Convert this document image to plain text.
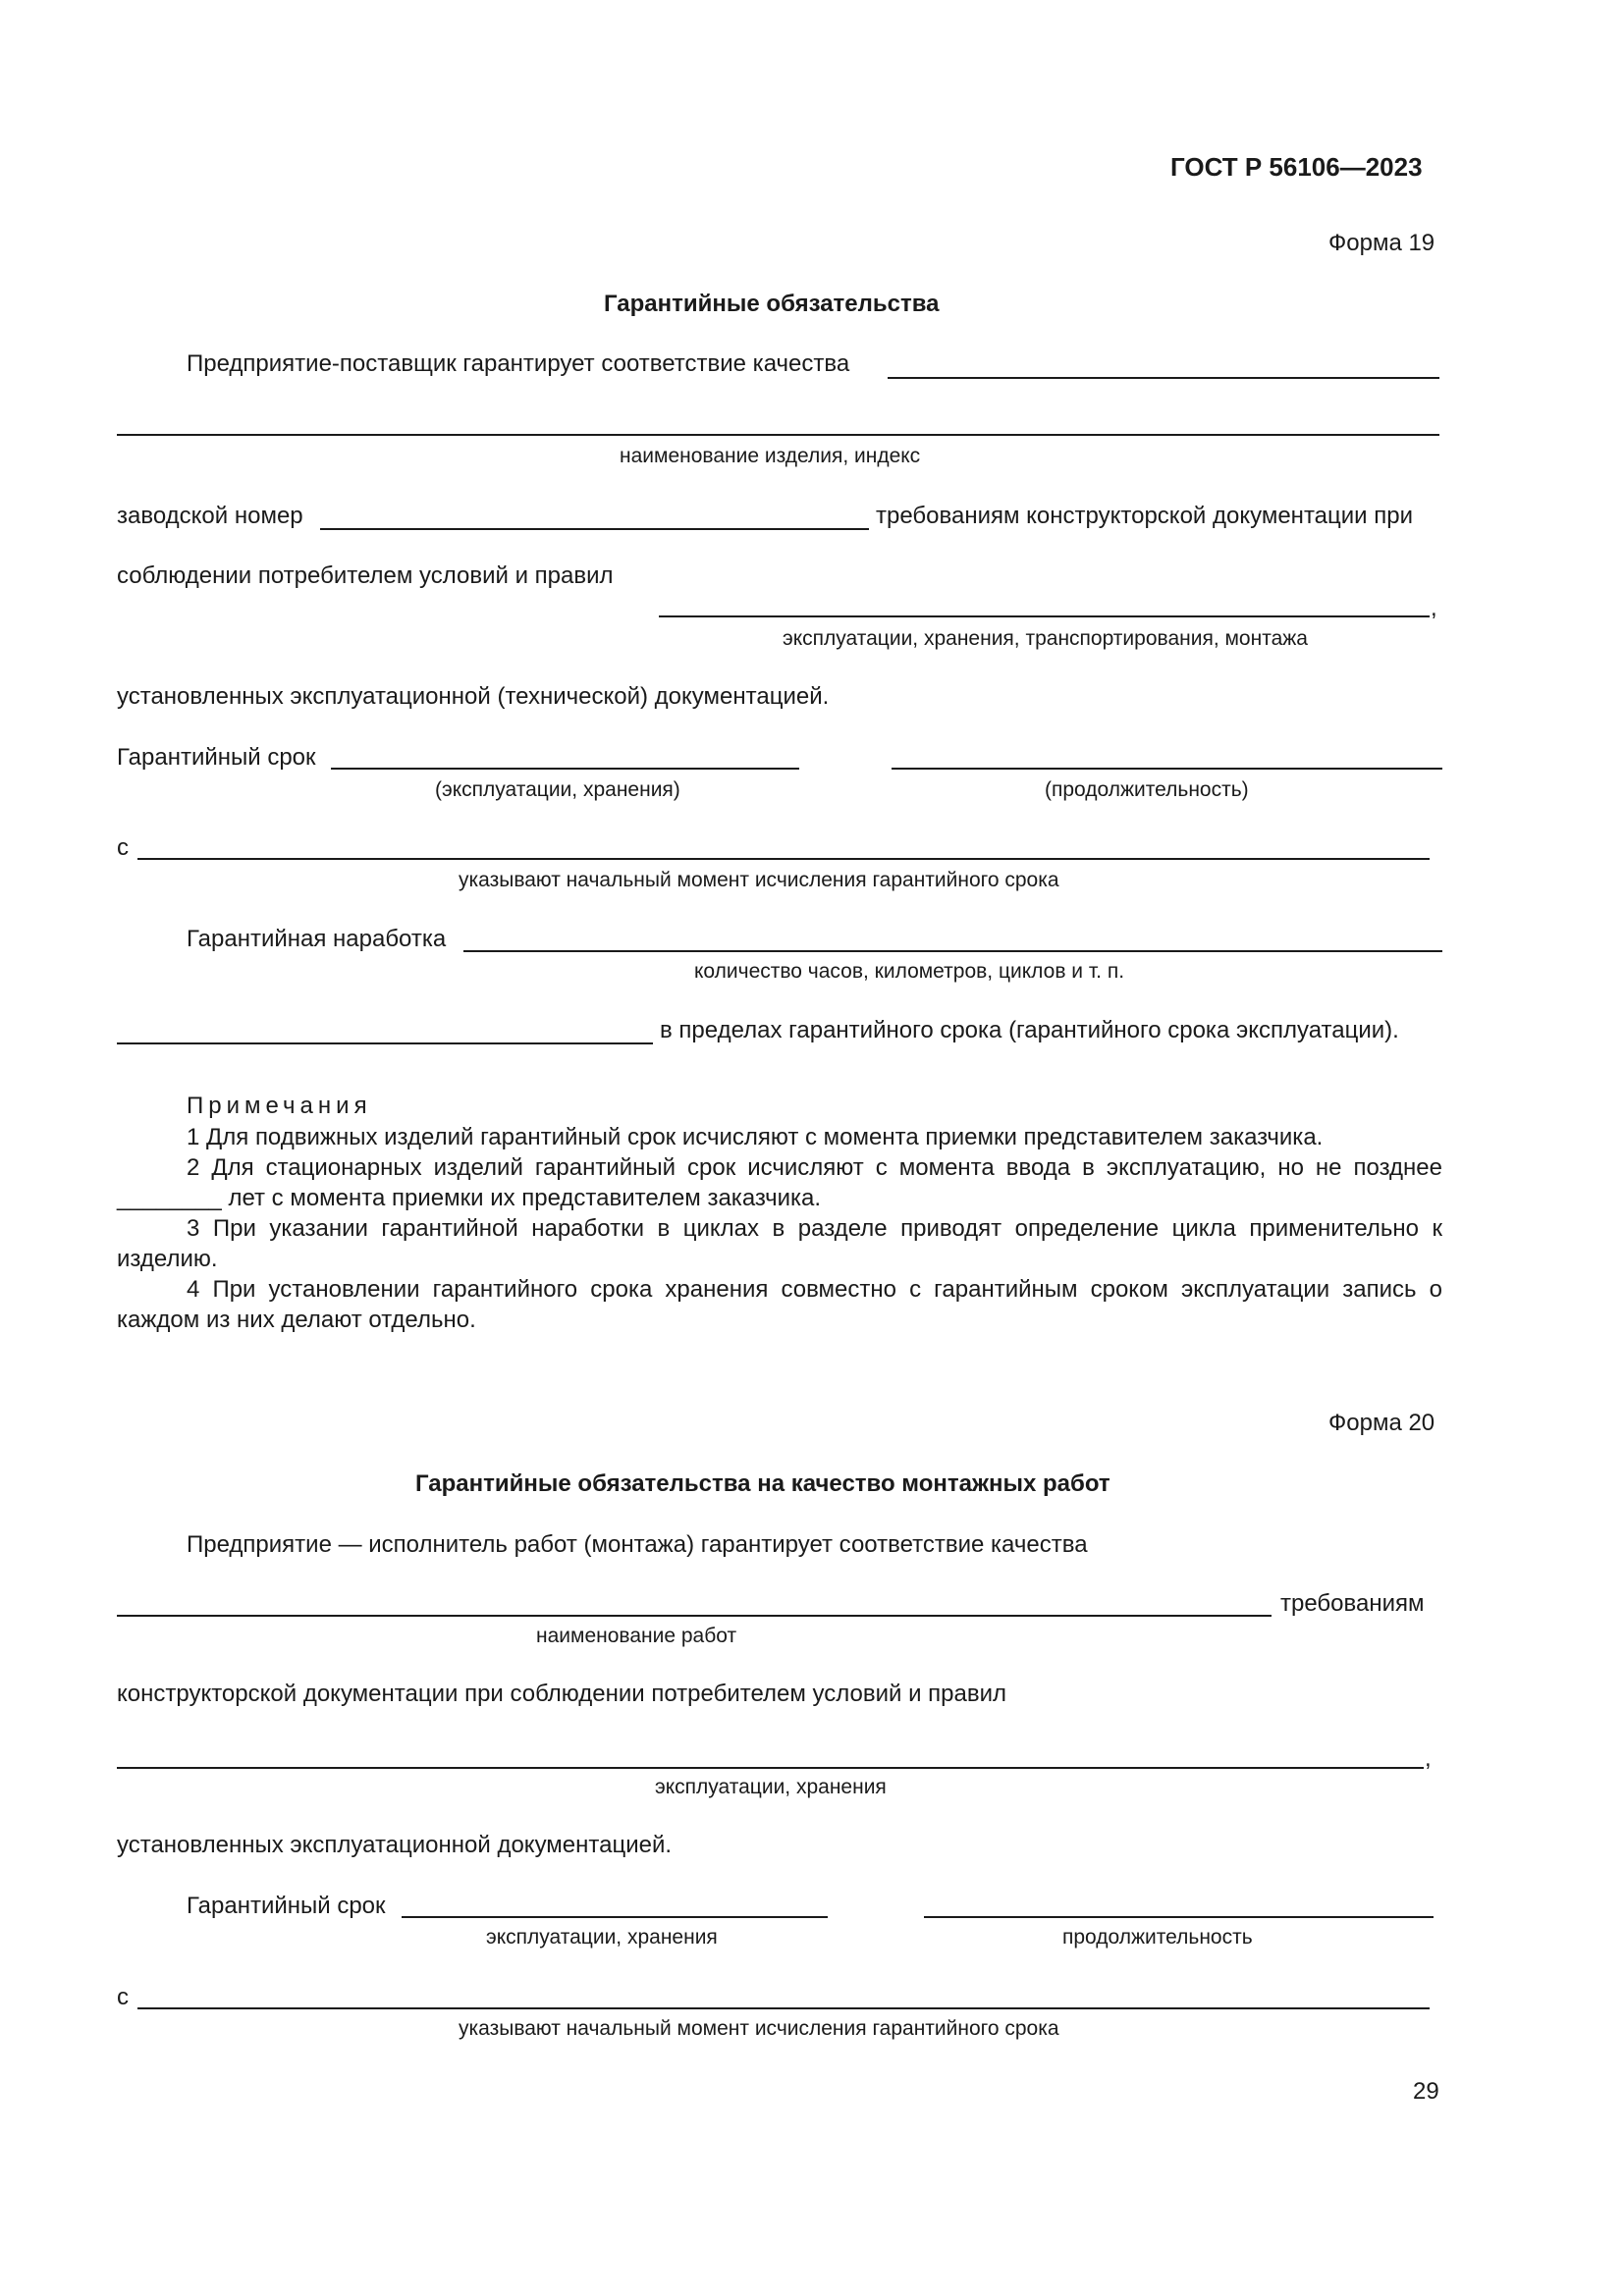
ГОСТ Р 56106—2023
Форма 19
Гарантийные обязательства
Предприятие-поставщик гарантирует соответствие качества
наименование изделия, индекс
заводской номер	требованиям конструкторской документации при
соблюдении потребителем условий и правил
,
эксплуатации, хранения, транспортирования, монтажа
установленных эксплуатационной (технической) документацией.
Гарантийный срок
(эксплуатации, хранения)	(продолжительность)
с
указывают начальный момент исчисления гарантийного срока
Гарантийная наработка
количество часов, километров, циклов и т. п.
в пределах гарантийного срока (гарантийного срока эксплуатации).
Примечания
1 Для подвижных изделий гарантийный срок исчисляют с момента приемки представителем заказчика.
2 Для стационарных изделий гарантийный срок исчисляют с момента ввода в эксплуатацию, но не позднее
________ лет с момента приемки их представителем заказчика.
3 При указании гарантийной наработки в циклах в разделе приводят определение цикла применительно к
изделию.
4 При установлении гарантийного срока хранения совместно с гарантийным сроком эксплуатации запись о
каждом из них делают отдельно.
Форма 20
Гарантийные обязательства на качество монтажных работ
Предприятие — исполнитель работ (монтажа) гарантирует соответствие качества
требованиям
наименование работ
конструкторской документации при соблюдении потребителем условий и правил
,
эксплуатации, хранения
установленных эксплуатационной документацией.
Гарантийный срок
эксплуатации, хранения	продолжительность
с
указывают начальный момент исчисления гарантийного срока
29
